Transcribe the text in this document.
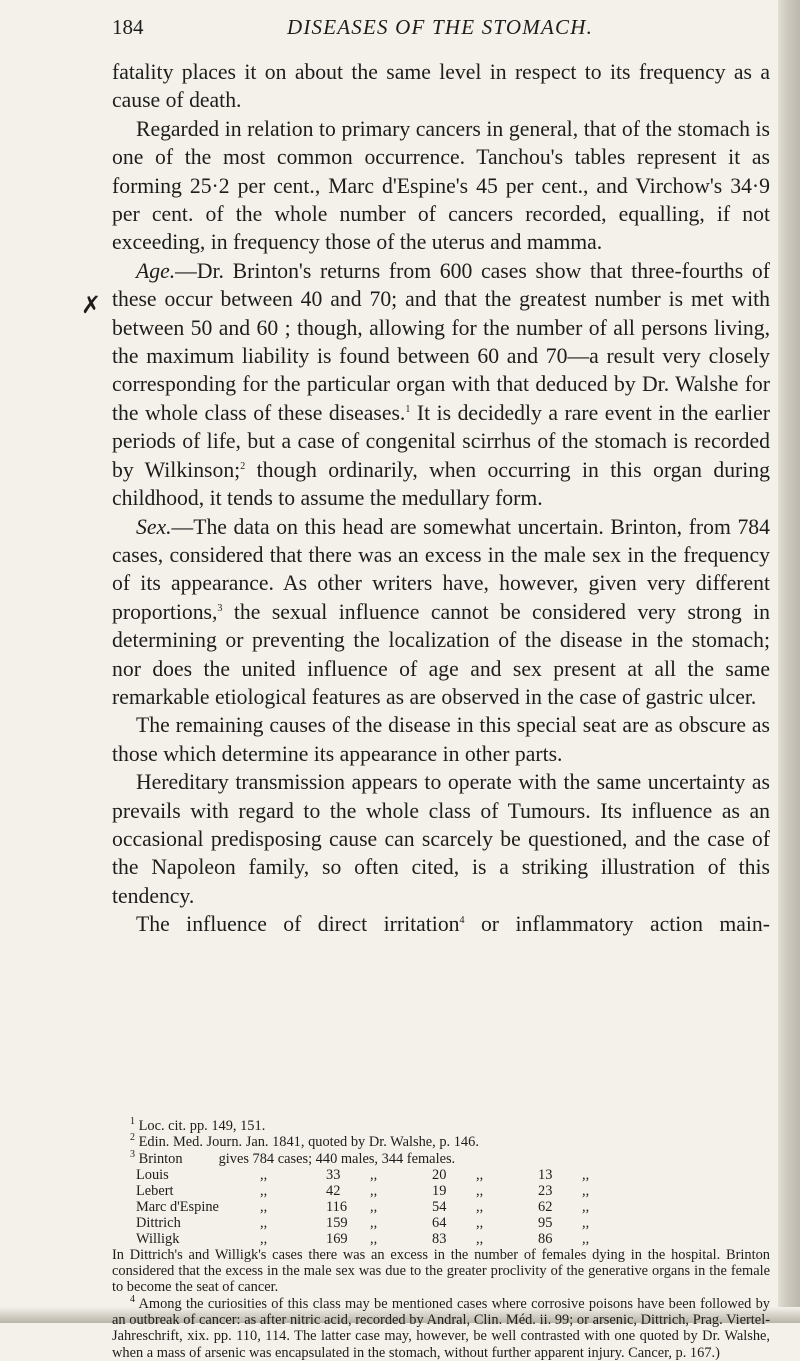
184	DISEASES OF THE STOMACH.
✗

fatality places it on about the same level in respect to its frequency as a cause of death.

Regarded in relation to primary cancers in general, that of the stomach is one of the most common occurrence. Tanchou's tables represent it as forming 25·2 per cent., Marc d'Espine's 45 per cent., and Virchow's 34·9 per cent. of the whole number of cancers recorded, equalling, if not exceeding, in frequency those of the uterus and mamma.

Age.—Dr. Brinton's returns from 600 cases show that three-fourths of these occur between 40 and 70; and that the greatest number is met with between 50 and 60 ; though, allowing for the number of all persons living, the maximum liability is found between 60 and 70—a result very closely corresponding for the particular organ with that deduced by Dr. Walshe for the whole class of these diseases.$^1$ It is decidedly a rare event in the earlier periods of life, but a case of congenital scirrhus of the stomach is recorded by Wilkinson;$^2$ though ordinarily, when occurring in this organ during childhood, it tends to assume the medullary form.

Sex.—The data on this head are somewhat uncertain. Brinton, from 784 cases, considered that there was an excess in the male sex in the frequency of its appearance. As other writers have, however, given very different proportions,$^3$ the sexual influence cannot be considered very strong in determining or preventing the localization of the disease in the stomach; nor does the united influence of age and sex present at all the same remarkable etiological features as are observed in the case of gastric ulcer.

The remaining causes of the disease in this special seat are as obscure as those which determine its appearance in other parts.

Hereditary transmission appears to operate with the same uncertainty as prevails with regard to the whole class of Tumours. Its influence as an occasional predisposing cause can scarcely be questioned, and the case of the Napoleon family, so often cited, is a striking illustration of this tendency.

The influence of direct irritation$^4$ or inflammatory action main-

$^1$ Loc. cit. pp. 149, 151.

$^2$ Edin. Med. Journ. Jan. 1841, quoted by Dr. Walshe, p. 146.

$^3$ Brinton gives 784 cases; 440 males, 344 females.

Louis	,,	33	,,	20	,,	13	,,
Lebert	,,	42	,,	19	,,	23	,,
Marc d'Espine	,,	116	,,	54	,,	62	,,
Dittrich	,,	159	,,	64	,,	95	,,
Willigk	,,	169	,,	83	,,	86	,,

In Dittrich's and Willigk's cases there was an excess in the number of females dying in the hospital. Brinton considered that the excess in the male sex was due to the greater proclivity of the generative organs in the female to become the seat of cancer.

$^4$ Among the curiosities of this class may be mentioned cases where corrosive poisons have been followed by an outbreak of cancer: as after nitric acid, recorded by Andral, Clin. Méd. ii. 99; or arsenic, Dittrich, Prag. Viertel-Jahreschrift, xix. pp. 110, 114. The latter case may, however, be well contrasted with one quoted by Dr. Walshe, when a mass of arsenic was encapsulated in the stomach, without further apparent injury. Cancer, p. 167.)
